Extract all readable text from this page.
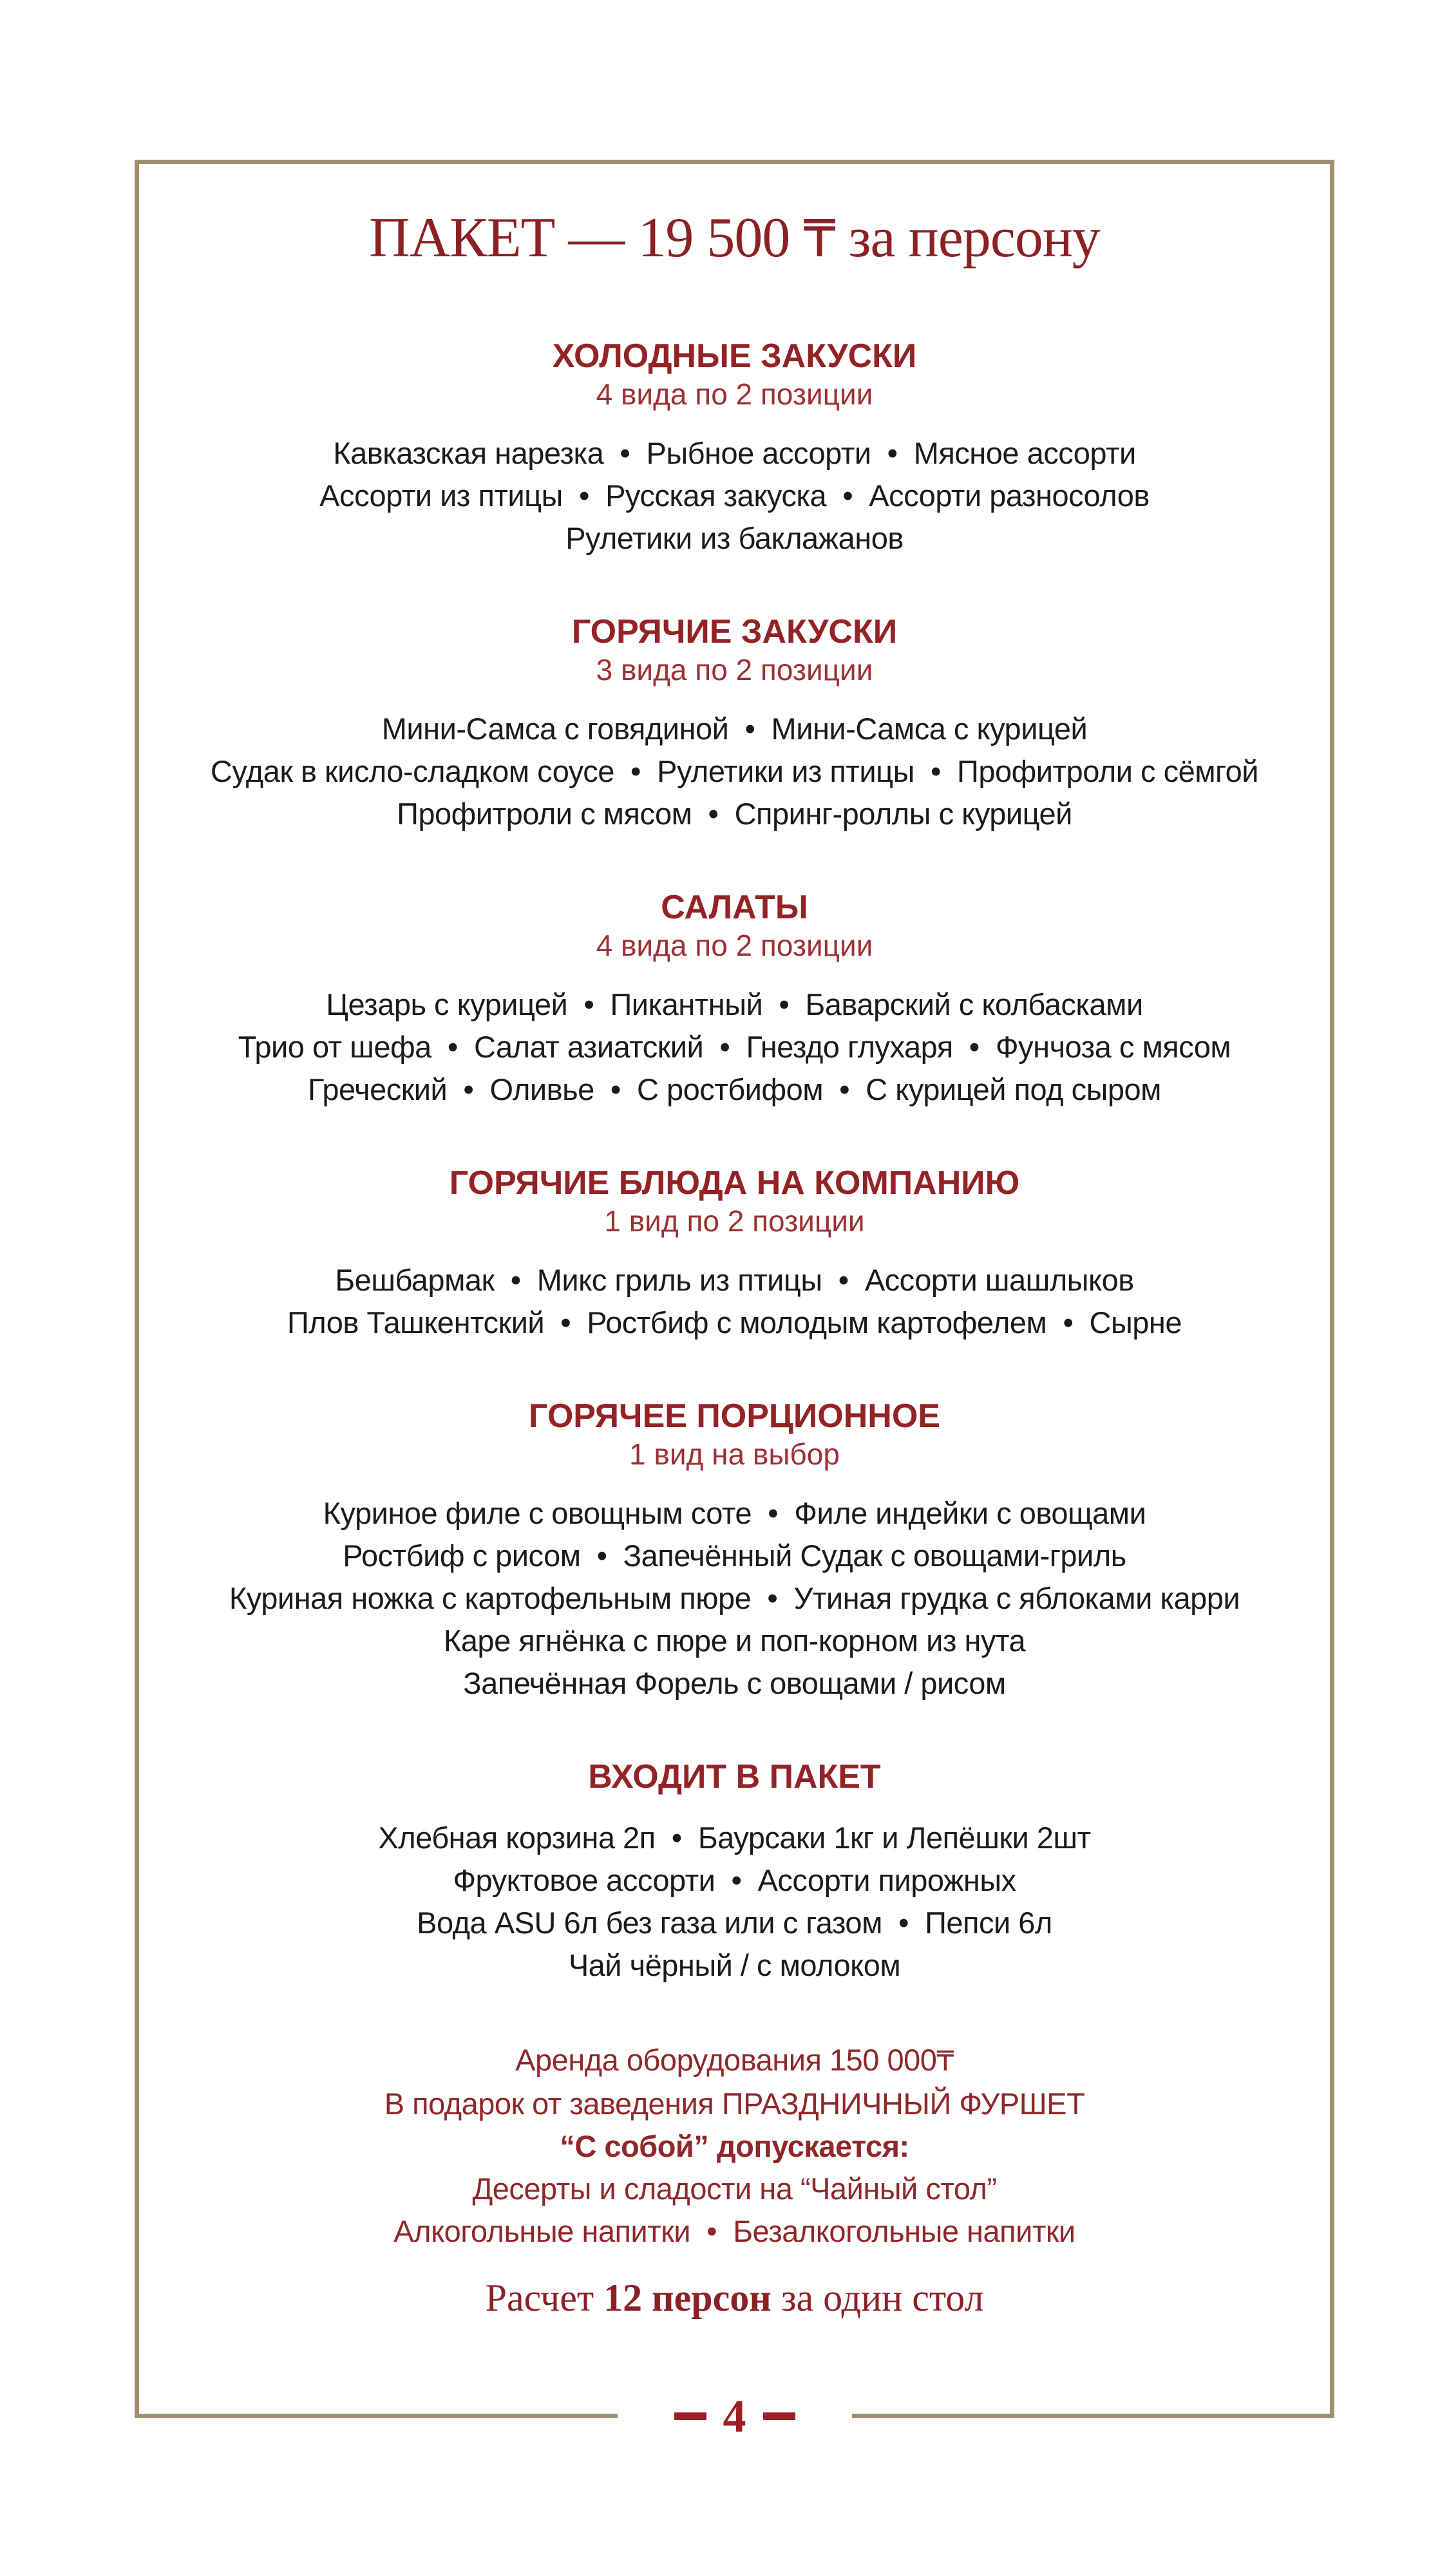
ПАКЕТ — 19 500 ₸ за персону
ХОЛОДНЫЕ ЗАКУСКИ
4 вида по 2 позиции

Кавказская нарезка  •  Рыбное ассорти  •  Мясное ассорти

Ассорти из птицы  •  Русская закуска  •  Ассорти разносолов

Рулетики из баклажанов

ГОРЯЧИЕ ЗАКУСКИ
3 вида по 2 позиции

Мини-Самса с говядиной  •  Мини-Самса с курицей

Судак в кисло-сладком соусе  •  Рулетики из птицы  •  Профитроли с сёмгой

Профитроли с мясом  •  Спринг-роллы с курицей

САЛАТЫ
4 вида по 2 позиции

Цезарь с курицей  •  Пикантный  •  Баварский с колбасками

Трио от шефа  •  Салат азиатский  •  Гнездо глухаря  •  Фунчоза с мясом

Греческий  •  Оливье  •  С ростбифом  •  С курицей под сыром

ГОРЯЧИЕ БЛЮДА НА КОМПАНИЮ
1 вид по 2 позиции

Бешбармак  •  Микс гриль из птицы  •  Ассорти шашлыков

Плов Ташкентский  •  Ростбиф с молодым картофелем  •  Сырне

ГОРЯЧЕЕ ПОРЦИОННОЕ
1 вид на выбор

Куриное филе с овощным соте  •  Филе индейки с овощами

Ростбиф с рисом  •  Запечённый Судак с овощами-гриль

Куриная ножка с картофельным пюре  •  Утиная грудка с яблоками карри

Каре ягнёнка с пюре и поп-корном из нута

Запечённая Форель с овощами / рисом

ВХОДИТ В ПАКЕТ

Хлебная корзина 2п  •  Баурсаки 1кг и Лепёшки 2шт

Фруктовое ассорти  •  Ассорти пирожных

Вода ASU 6л без газа или с газом  •  Пепси 6л

Чай чёрный / с молоком

Аренда оборудования 150 000₸

В подарок от заведения ПРАЗДНИЧНЫЙ ФУРШЕТ

“С собой” допускается:

Десерты и сладости на “Чайный стол”

Алкогольные напитки  •  Безалкогольные напитки

Расчет 12 персон за один стол

4
